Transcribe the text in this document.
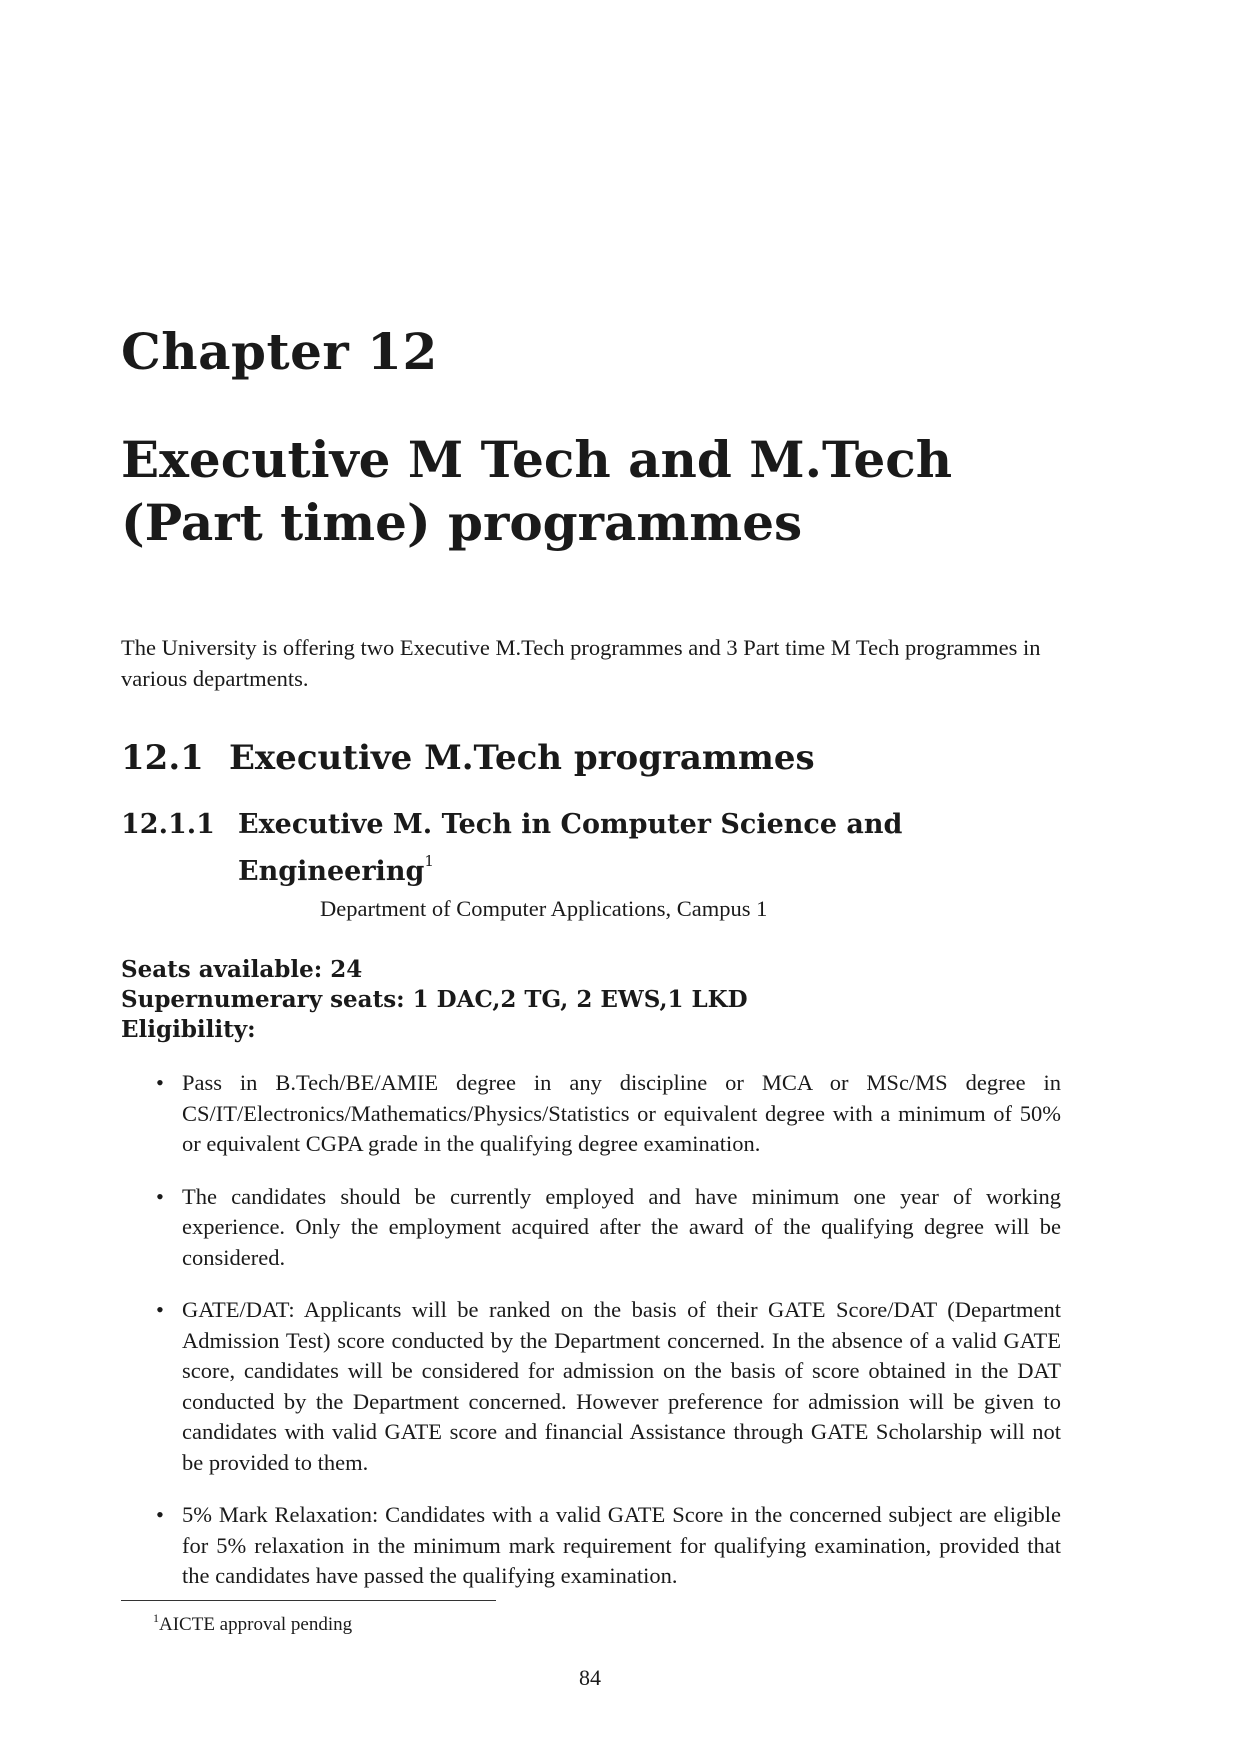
Chapter 12
Executive M Tech and M.Tech (Part time) programmes
The University is offering two Executive M.Tech programmes and 3 Part time M Tech programmes in various departments.
12.1 Executive M.Tech programmes
12.1.1 Executive M. Tech in Computer Science and Engineering$^1$
Department of Computer Applications, Campus 1
Seats available: 24
Supernumerary seats: 1 DAC,2 TG, 2 EWS,1 LKD
Eligibility:
• Pass in B.Tech/BE/AMIE degree in any discipline or MCA or MSc/MS degree in CS/IT/Electronics/Mathematics/Physics/Statistics or equivalent degree with a minimum of 50% or equivalent CGPA grade in the qualifying degree examination.
• The candidates should be currently employed and have minimum one year of working experience. Only the employment acquired after the award of the qualifying degree will be considered.
• GATE/DAT: Applicants will be ranked on the basis of their GATE Score/DAT (Department Admission Test) score conducted by the Department concerned. In the absence of a valid GATE score, candidates will be considered for admission on the basis of score obtained in the DAT conducted by the Department concerned. However preference for admission will be given to candidates with valid GATE score and financial Assistance through GATE Scholarship will not be provided to them.
• 5% Mark Relaxation: Candidates with a valid GATE Score in the concerned subject are eligible for 5% relaxation in the minimum mark requirement for qualifying examination, provided that the candidates have passed the qualifying examination.
$^1$AICTE approval pending
84
